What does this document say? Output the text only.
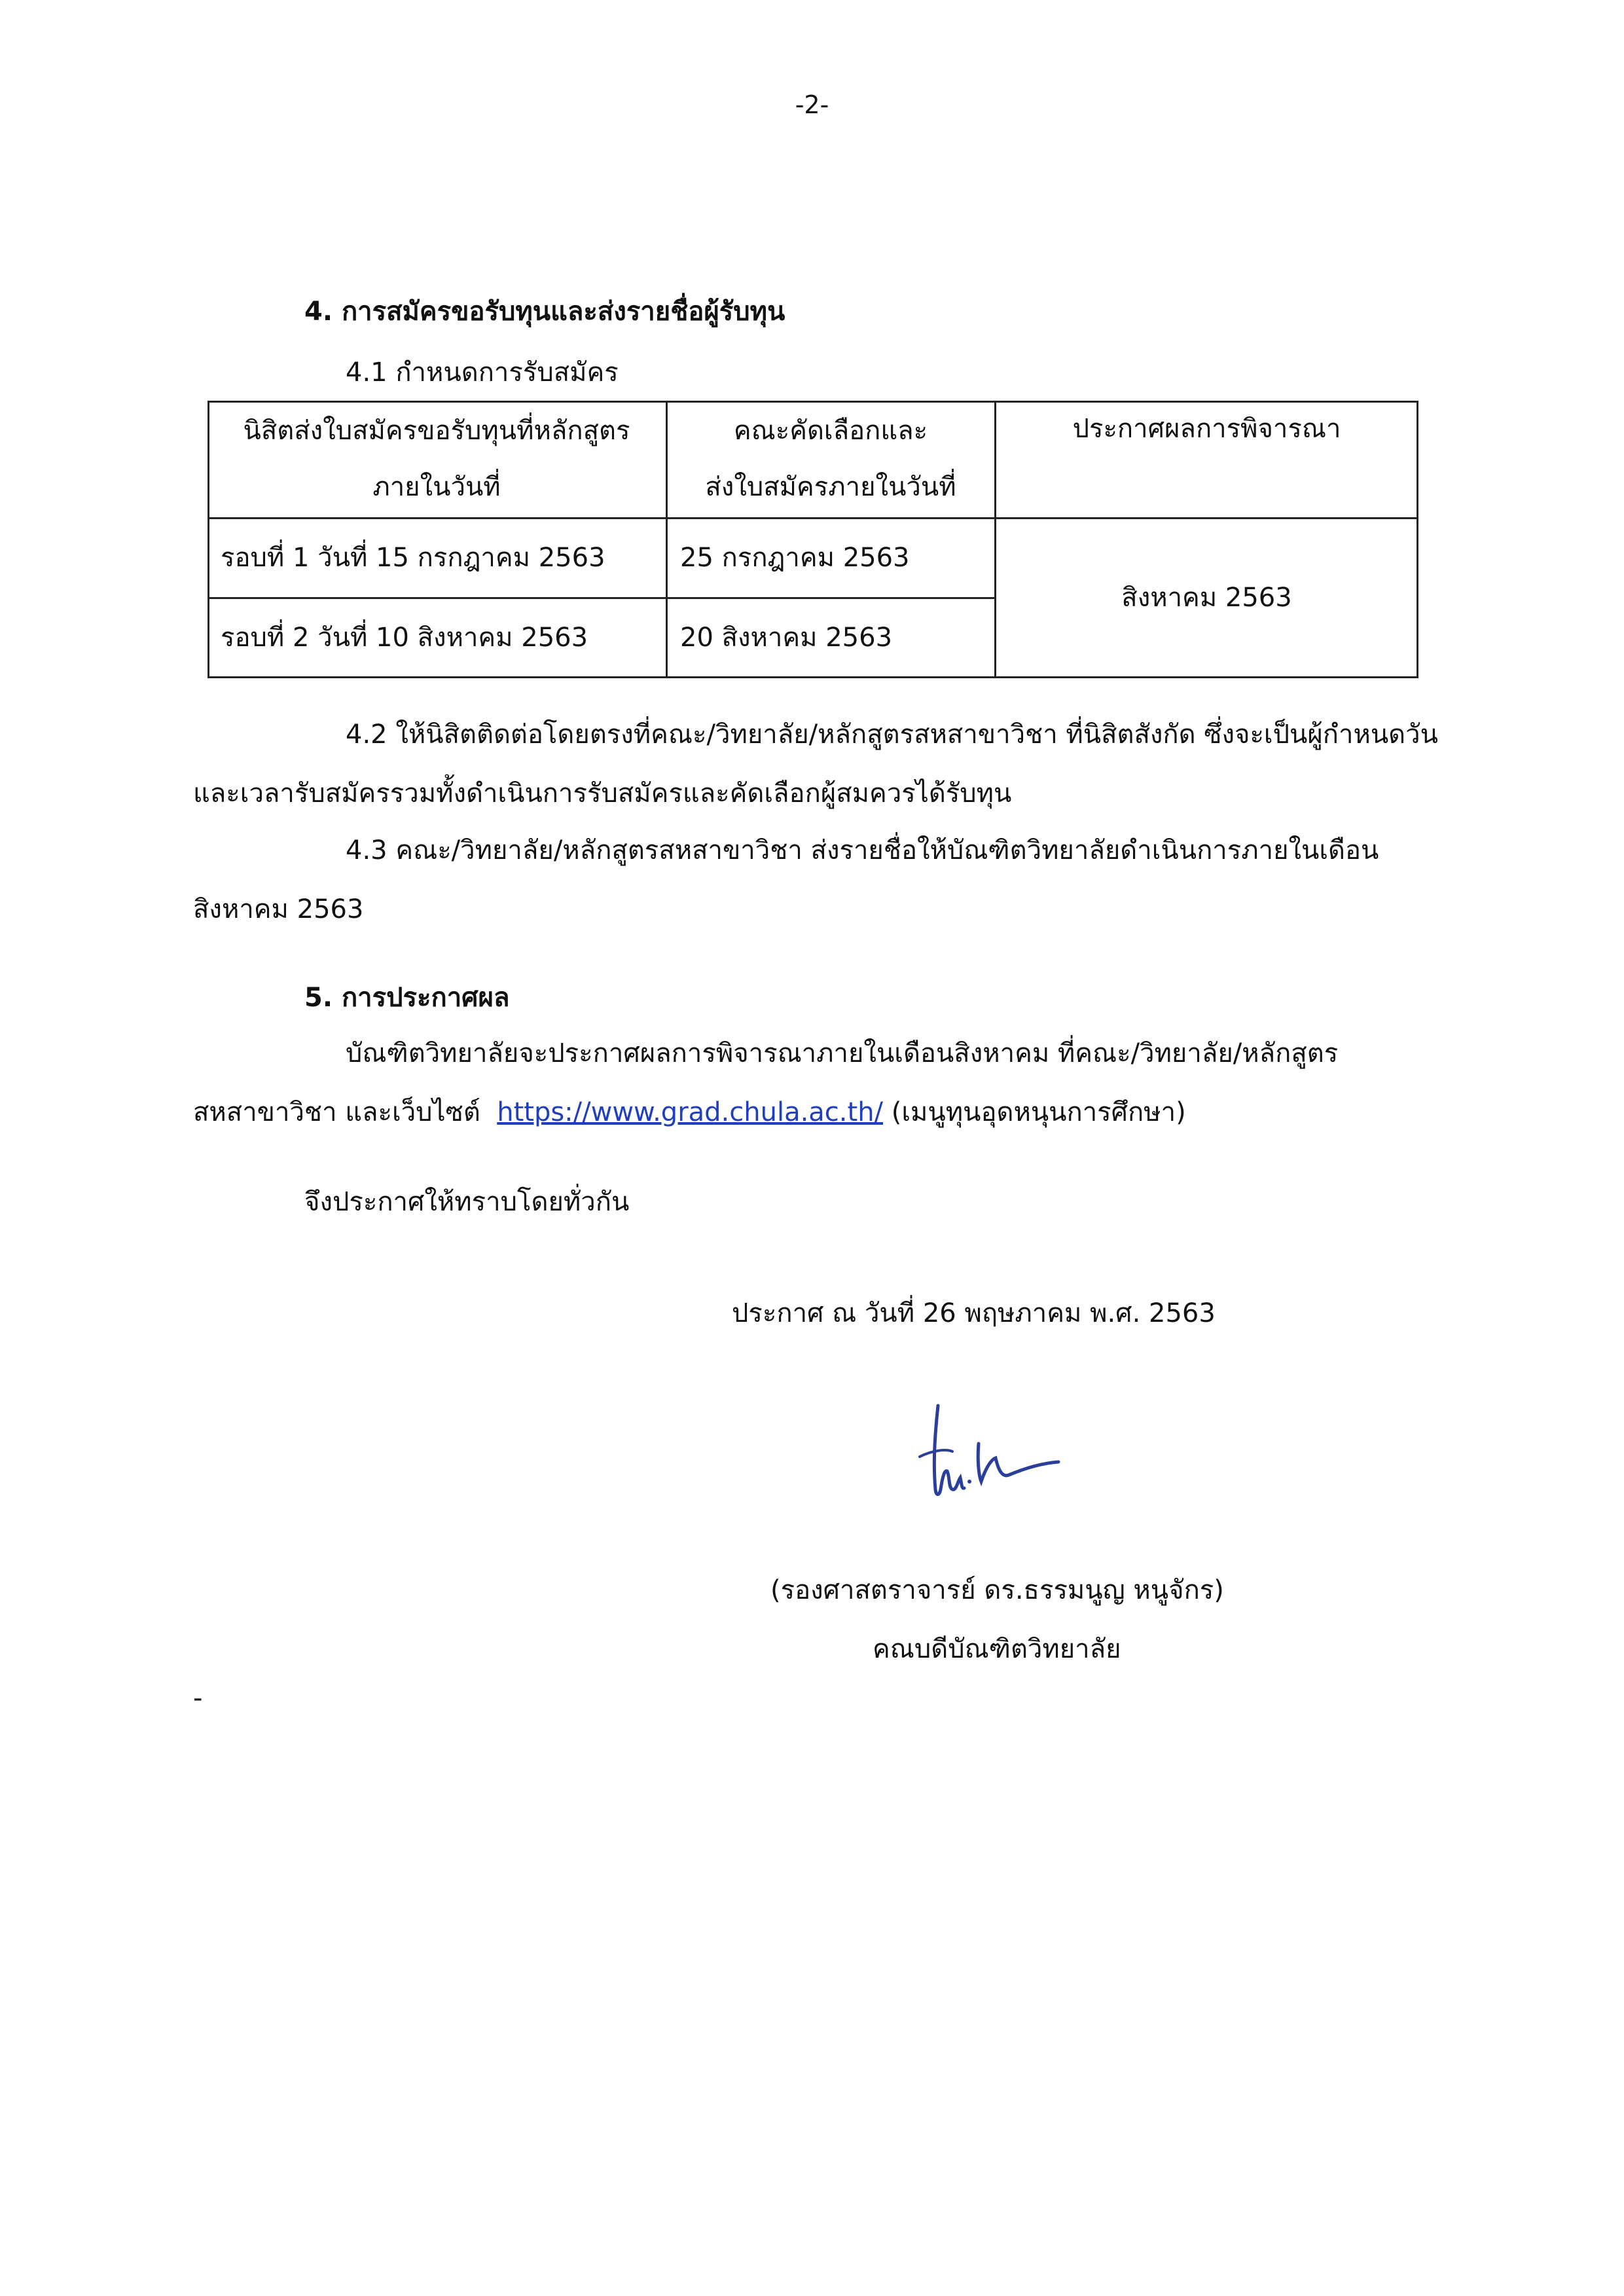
-2-
4. การสมัครขอรับทุนและส่งรายชื่อผู้รับทุน
4.1 กำหนดการรับสมัคร
นิสิตส่งใบสมัครขอรับทุนที่หลักสูตร
ภายในวันที่
คณะคัดเลือกและ
ส่งใบสมัครภายในวันที่
ประกาศผลการพิจารณา
รอบที่ 1 วันที่ 15 กรกฎาคม 2563	25 กรกฎาคม 2563
รอบที่ 2 วันที่ 10 สิงหาคม 2563	20 สิงหาคม 2563
สิงหาคม 2563
4.2 ให้นิสิตติดต่อโดยตรงที่คณะ/วิทยาลัย/หลักสูตรสหสาขาวิชา ที่นิสิตสังกัด ซึ่งจะเป็นผู้กำหนดวัน
และเวลารับสมัครรวมทั้งดำเนินการรับสมัครและคัดเลือกผู้สมควรได้รับทุน
4.3 คณะ/วิทยาลัย/หลักสูตรสหสาขาวิชา ส่งรายชื่อให้บัณฑิตวิทยาลัยดำเนินการภายในเดือน
สิงหาคม 2563
5. การประกาศผล
บัณฑิตวิทยาลัยจะประกาศผลการพิจารณาภายในเดือนสิงหาคม ที่คณะ/วิทยาลัย/หลักสูตร
สหสาขาวิชา และเว็บไซต์ https://www.grad.chula.ac.th/ (เมนูทุนอุดหนุนการศึกษา)
จึงประกาศให้ทราบโดยทั่วกัน
ประกาศ ณ วันที่ 26 พฤษภาคม พ.ศ. 2563
(รองศาสตราจารย์ ดร.ธรรมนูญ หนูจักร)
คณบดีบัณฑิตวิทยาลัย
-
